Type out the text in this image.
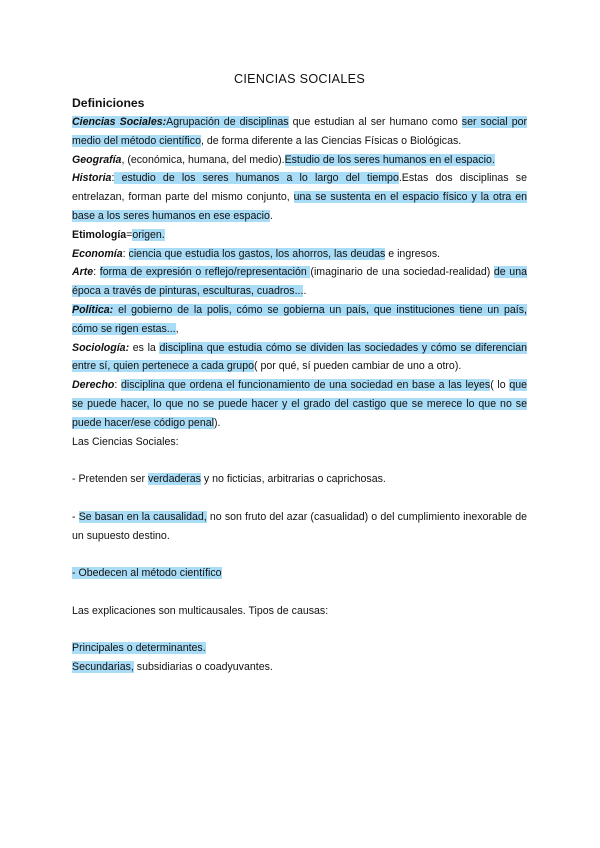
CIENCIAS SOCIALES

Definiciones

Ciencias Sociales:Agrupación de disciplinas que estudian al ser humano como ser social por medio del método científico, de forma diferente a las Ciencias Físicas o Biológicas.

Geografía, (económica, humana, del medio).Estudio de los seres humanos en el espacio.

Historia: estudio de los seres humanos a lo largo del tiempo.Estas dos disciplinas se entrelazan, forman parte del mismo conjunto, una se sustenta en el espacio físico y la otra en base a los seres humanos en ese espacio.

Etimología=origen.

Economía: ciencia que estudia los gastos, los ahorros, las deudas e ingresos.

Arte: forma de expresión o reflejo/representación (imaginario de una sociedad-realidad) de una época a través de pinturas, esculturas, cuadros....

Política: el gobierno de la polis, cómo se gobierna un país, que instituciones tiene un país, cómo se rigen estas...,

Sociología: es la disciplina que estudia cómo se dividen las sociedades y cómo se diferencian entre sí, quien pertenece a cada grupo( por qué, sí pueden cambiar de uno a otro).

Derecho: disciplina que ordena el funcionamiento de una sociedad en base a las leyes( lo que se puede hacer, lo que no se puede hacer y el grado del castigo que se merece lo que no se puede hacer/ese código penal).

Las Ciencias Sociales:

- Pretenden ser verdaderas y no ficticias, arbitrarias o caprichosas.

- Se basan en la causalidad, no son fruto del azar (casualidad) o del cumplimiento inexorable de un supuesto destino.

- Obedecen al método científico

Las explicaciones son multicausales. Tipos de causas:

Principales o determinantes.

Secundarias, subsidiarias o coadyuvantes.
